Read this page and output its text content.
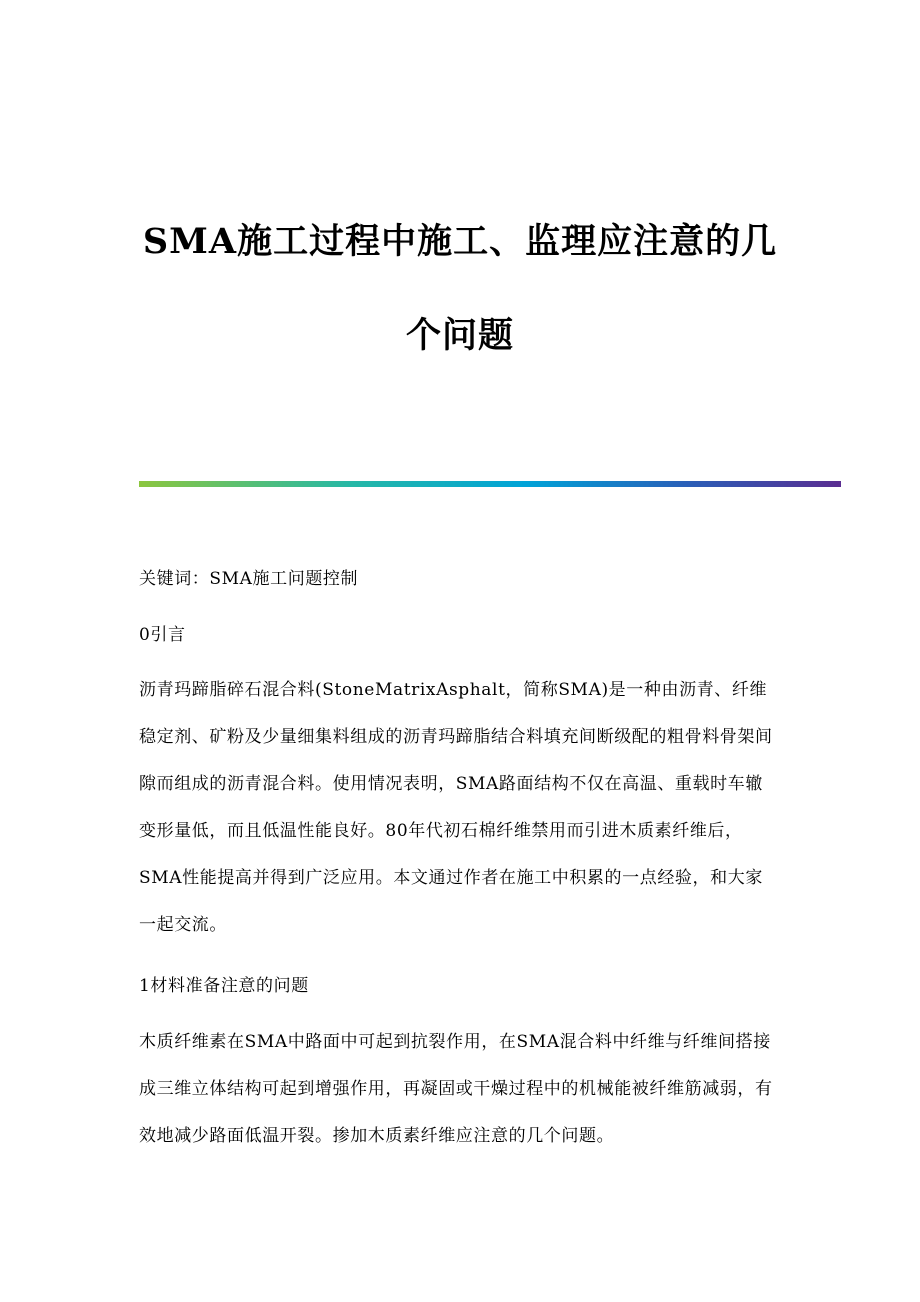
SMA施工过程中施工、监理应注意的几
个问题

关键词：SMA施工问题控制

0引言

沥青玛蹄脂碎石混合料(StoneMatrixAsphalt，简称SMA)是一种由沥青、纤维稳定剂、矿粉及少量细集料组成的沥青玛蹄脂结合料填充间断级配的粗骨料骨架间隙而组成的沥青混合料。使用情况表明，SMA路面结构不仅在高温、重载时车辙变形量低，而且低温性能良好。80年代初石棉纤维禁用而引进木质素纤维后，SMA性能提高并得到广泛应用。本文通过作者在施工中积累的一点经验，和大家一起交流。

1材料准备注意的问题

木质纤维素在SMA中路面中可起到抗裂作用，在SMA混合料中纤维与纤维间搭接成三维立体结构可起到增强作用，再凝固或干燥过程中的机械能被纤维筋减弱，有效地减少路面低温开裂。掺加木质素纤维应注意的几个问题。
